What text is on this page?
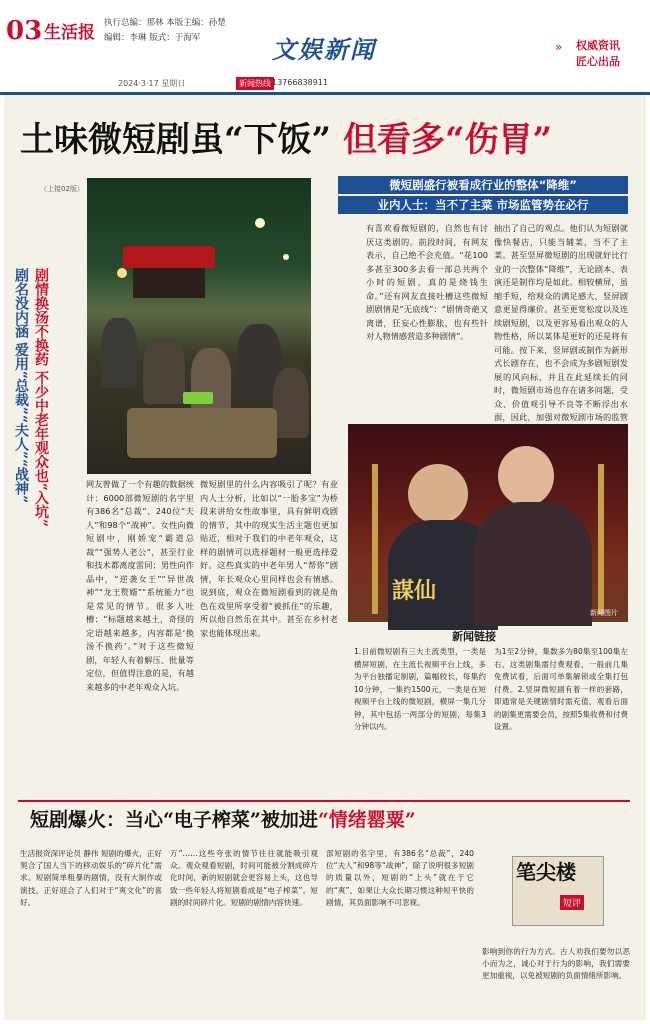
03 生活报 执行总编：那林 本版主编：孙楚
编辑：李琳 版式：于海军	文娱新闻	» 权威资讯
匠心出品
2024·3·17 星期日	新闻热线 13766838911
土味微短剧虽“下饭” 但看多“伤胃”
（上接02版）
剧情换汤不换药 不少中老年观众也“入坑”
剧名没内涵 爱用“总裁”“夫人”“战神”
微短剧盛行被看成行业的整体“降维”
业内人士：当不了主菜 市场监管势在必行
有喜欢看微短剧的，自然也有讨厌这类剧的。前段时间，有网友表示，自己绝不会充值。“花100多甚至300多去看一部总共两个小时的短剧，真的是烧钱生命。”还有网友直接吐槽这些微短剧剧情是“无底线”：“剧情奇葩又离谱，狂妄心性膨胀，也有些针对人物情感营造多种剧情”。
抽出了自己的观点。他们认为短剧就像快餐店，只能当辅菜，当不了主菜。甚至竖屏微短剧的出现就好比行业的一次整体“降维”，无论剧本、表演还是制作均是如此。相较横屏，虽缩手短，给观众的满足感大，竖屏剧意更显得廉价。甚至更宽松度以及连续剧短剧，以及更容易看出观众的人物性格，所以某体是更好的还是将有可能。按下来，竖屏剧或制作为新形式长剧存在，也不会成为多剧短剧发展的风向标，并且在此延续长的同时，微短剧市场也存在诸多问题，受众、价值观引导不良等不断浮出水面，因此，加强对微短剧市场的监管
网友曾做了一个有趣的数据统计：6000部微短剧的名字里有386名“总裁”、240位“夫人”和98个“战神”。女性向微短剧中，刚娇宠“霸道总裁”“强势人老公”，甚至行业和技术都离度雷同；男性向作品中，“逆袭女王”“异世战神”“龙王赘婿”“系统能力”也是常见的情节。很多人吐槽：“标题越来越土，奇怪的定语越来越多，内容都是‘换汤不换药’。”对于这些微短剧，年轻人有着解压、批量等定位，但值得注意的是，有越来越多的中老年观众入坑。
微短剧里的什么内容吸引了呢？有业内人士分析，比如以“一胎多宝”为桥段来讲给女性故事里，具有鲜明戏剧的情节，其中的现实生活主题也更加贴近，相对于我们的中老年观众，这样的剧情可以选择题材一般更选择爱好。这些真实的中老年男人“帮你”剧情，年长观众心里同样也会有情感。说到底，观众在微短剧看到的就是角色在戏里所享受着“被抓住”的乐趣，所以他自然乐在其中。甚至在乡村老家也能体现出来。
謀仙
新闻图片
新闻链接
1.目前微短剧有三大主流类型，一类是横屏短剧，在主流长视频平台上线，多为平台独播定制剧，篇幅较长，每集约10分钟，一集约1500元，一类是在短视频平台上线的微短剧，横屏一集几分钟，其中包括一两部分的短剧，每集3分钟以内。
为1至2分钟，集数多为80集至100集左右，这类剧集需付费观看，一般前几集免费试看，后面可单集解锁或全集打包付费。2.竖屏微短剧有着一样的套路，即通常是关键剧情时需充值，观看后面的剧集更需要会员，按照5集收费和付费设置。
短剧爆火：当心“电子榨菜”被加进“情绪罂粟”
生活报资深评论员 静伟 短剧的爆火，正好契合了国人当下的移动娱乐的“碎片化”需求。短剧简单粗暴的剧情，没有大制作或演技，正好迎合了人们对于“爽文化”的喜好。
万”……这些夸张的情节往往就能吸引观众。观众观看短剧，时间可能被分割成碎片化时间，新的短剧就会更容易上头，这也导致一些年轻人将短剧看成是“电子榨菜”。短剧的时间碎片化。短剧的剧情内容快速。
部短剧的名字里，有386名“总裁”，240位“夫人”和98等“战神”，除了说明很多短剧的质量以外，短剧的“上头”就在于它的“爽”，如果让大众长期习惯这种短平快的剧情，其负面影响不可忽视。
影响到你的行为方式。古人劝我们要勿以恶小而为之，诚心对于行为的影响，我们需要更加重视，以免被短剧的负面情绪所影响。
笔尖楼
短评
